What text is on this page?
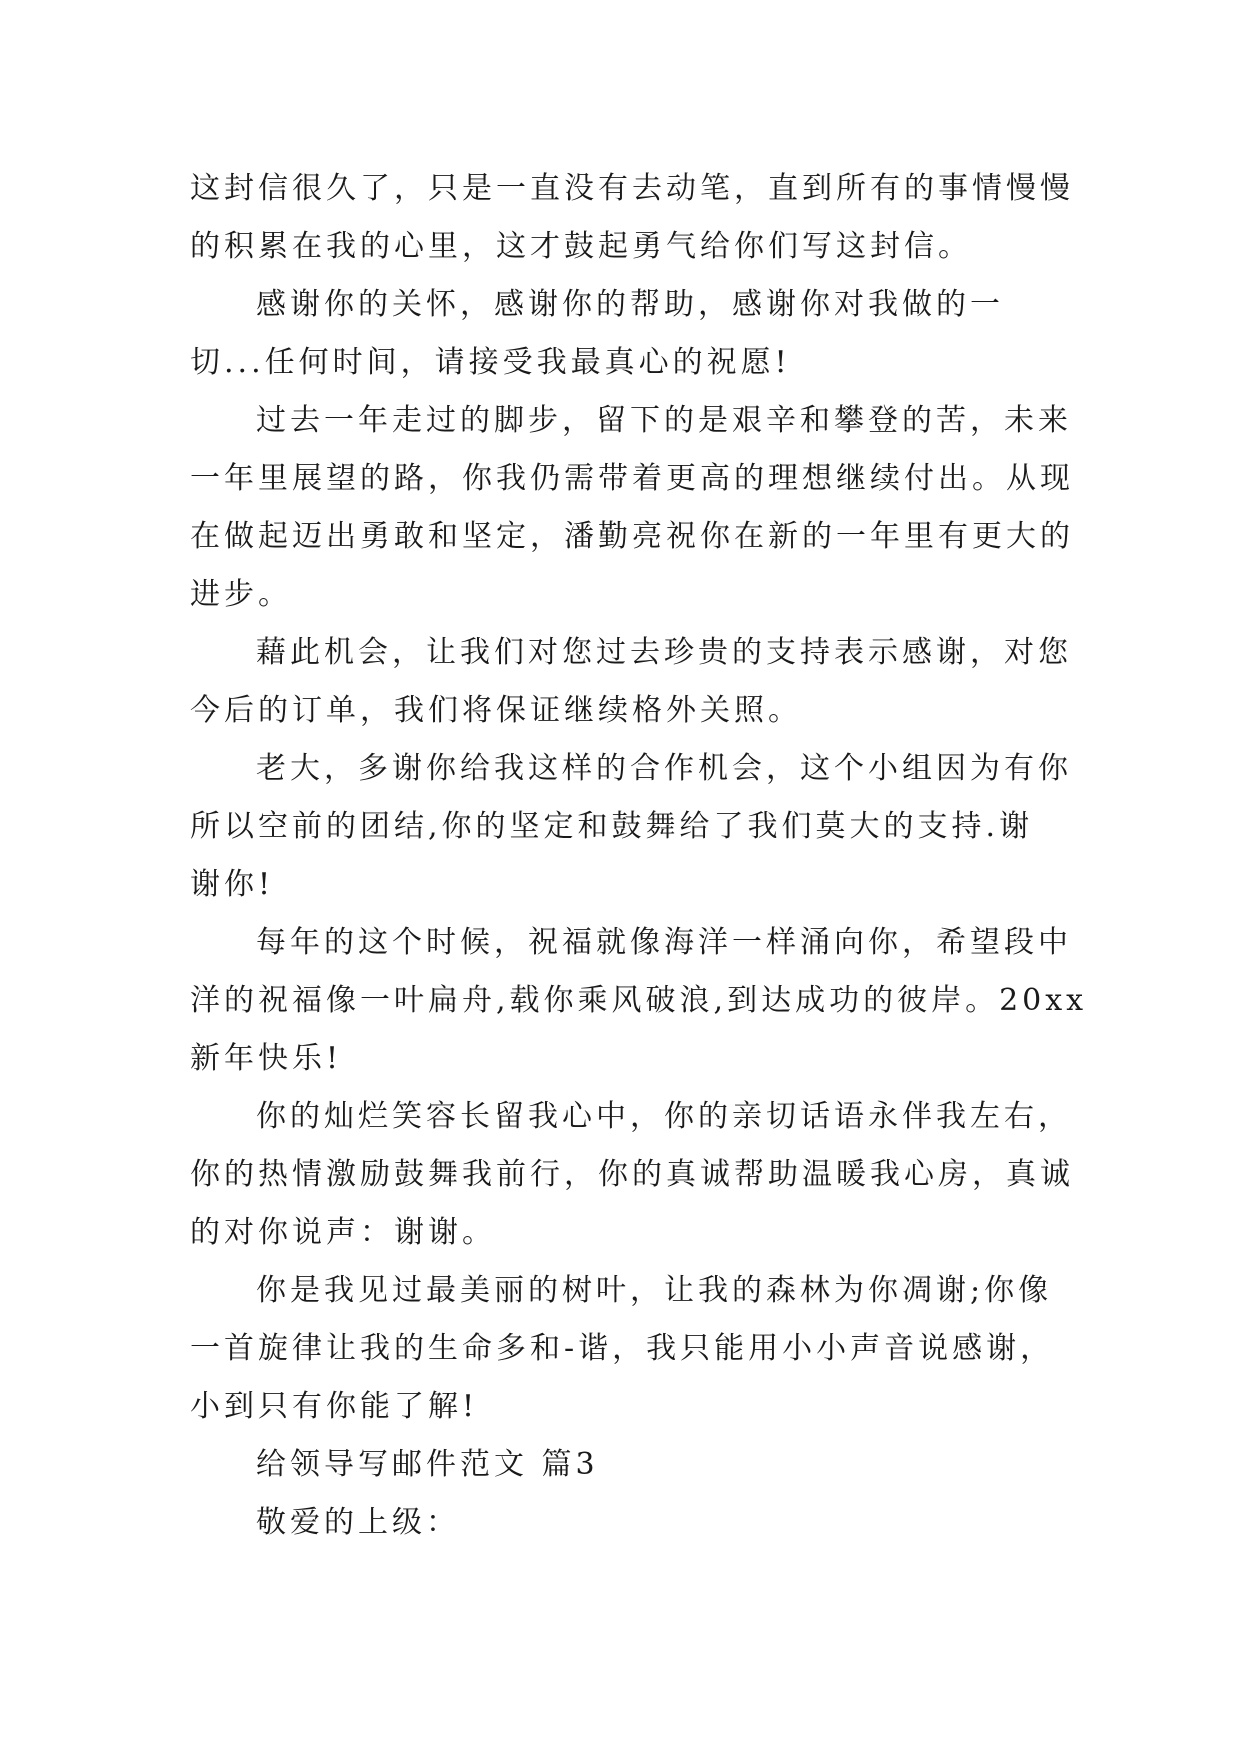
这封信很久了，只是一直没有去动笔，直到所有的事情慢慢
的积累在我的心里，这才鼓起勇气给你们写这封信。
感谢你的关怀，感谢你的帮助，感谢你对我做的一
切...任何时间，请接受我最真心的祝愿!
过去一年走过的脚步，留下的是艰辛和攀登的苦，未来
一年里展望的路，你我仍需带着更高的理想继续付出。从现
在做起迈出勇敢和坚定，潘勤亮祝你在新的一年里有更大的
进步。
藉此机会，让我们对您过去珍贵的支持表示感谢，对您
今后的订单，我们将保证继续格外关照。
老大，多谢你给我这样的合作机会，这个小组因为有你
所以空前的团结,你的坚定和鼓舞给了我们莫大的支持.谢
谢你!
每年的这个时候，祝福就像海洋一样涌向你，希望段中
洋的祝福像一叶扁舟,载你乘风破浪,到达成功的彼岸。20xx
新年快乐!
你的灿烂笑容长留我心中，你的亲切话语永伴我左右，
你的热情激励鼓舞我前行，你的真诚帮助温暖我心房，真诚
的对你说声：谢谢。
你是我见过最美丽的树叶，让我的森林为你凋谢;你像
一首旋律让我的生命多和-谐，我只能用小小声音说感谢，
小到只有你能了解!
给领导写邮件范文 篇3
敬爱的上级：
